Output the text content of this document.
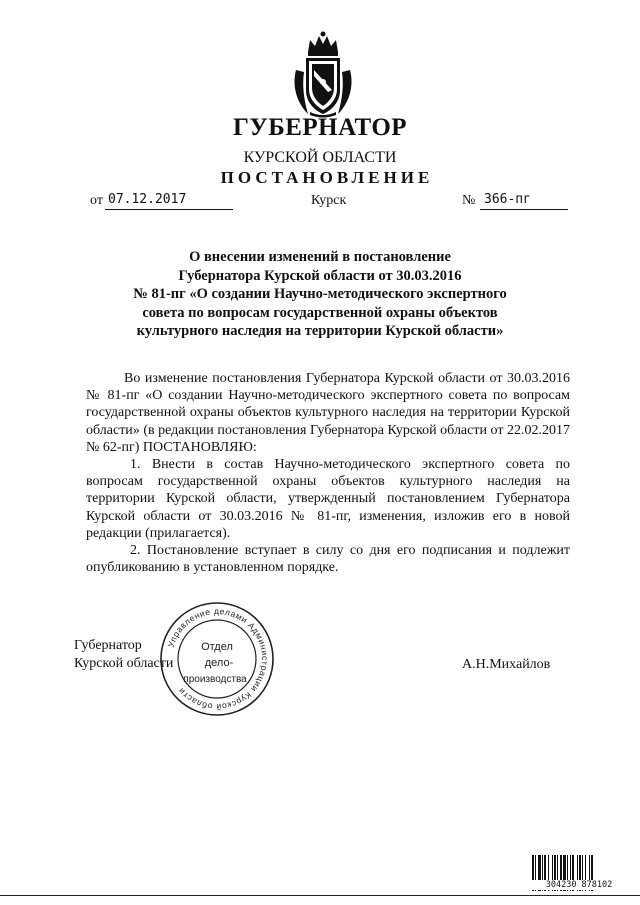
ГУБЕРНАТОР
КУРСКОЙ ОБЛАСТИ
ПОСТАНОВЛЕНИЕ
от 07.12.2017	Курск	№ 366-пг
О внесении изменений в постановление
Губернатора Курской области от 30.03.2016
№ 81-пг «О создании Научно-методического экспертного
совета по вопросам государственной охраны объектов
культурного наследия на территории Курской области»

Во изменение постановления Губернатора Курской области от 30.03.2016 № 81-пг «О создании Научно-методического экспертного совета по вопросам государственной охраны объектов культурного наследия на территории Курской области» (в редакции постановления Губернатора Курской области от 22.02.2017 № 62-пг) ПОСТАНОВЛЯЮ:

1. Внести в состав Научно-методического экспертного совета по вопросам государственной охраны объектов культурного наследия на территории Курской области, утвержденный постановлением Губернатора Курской области от 30.03.2016 № 81-пг, изменения, изложив его в новой редакции (прилагается).

2. Постановление вступает в силу со дня его подписания и подлежит опубликованию в установленном порядке.

Губернатор
Курской области	А.Н.Михайлов
Управление делами Администрации Курской области
Отдел
дело-
производства
304230 878102
